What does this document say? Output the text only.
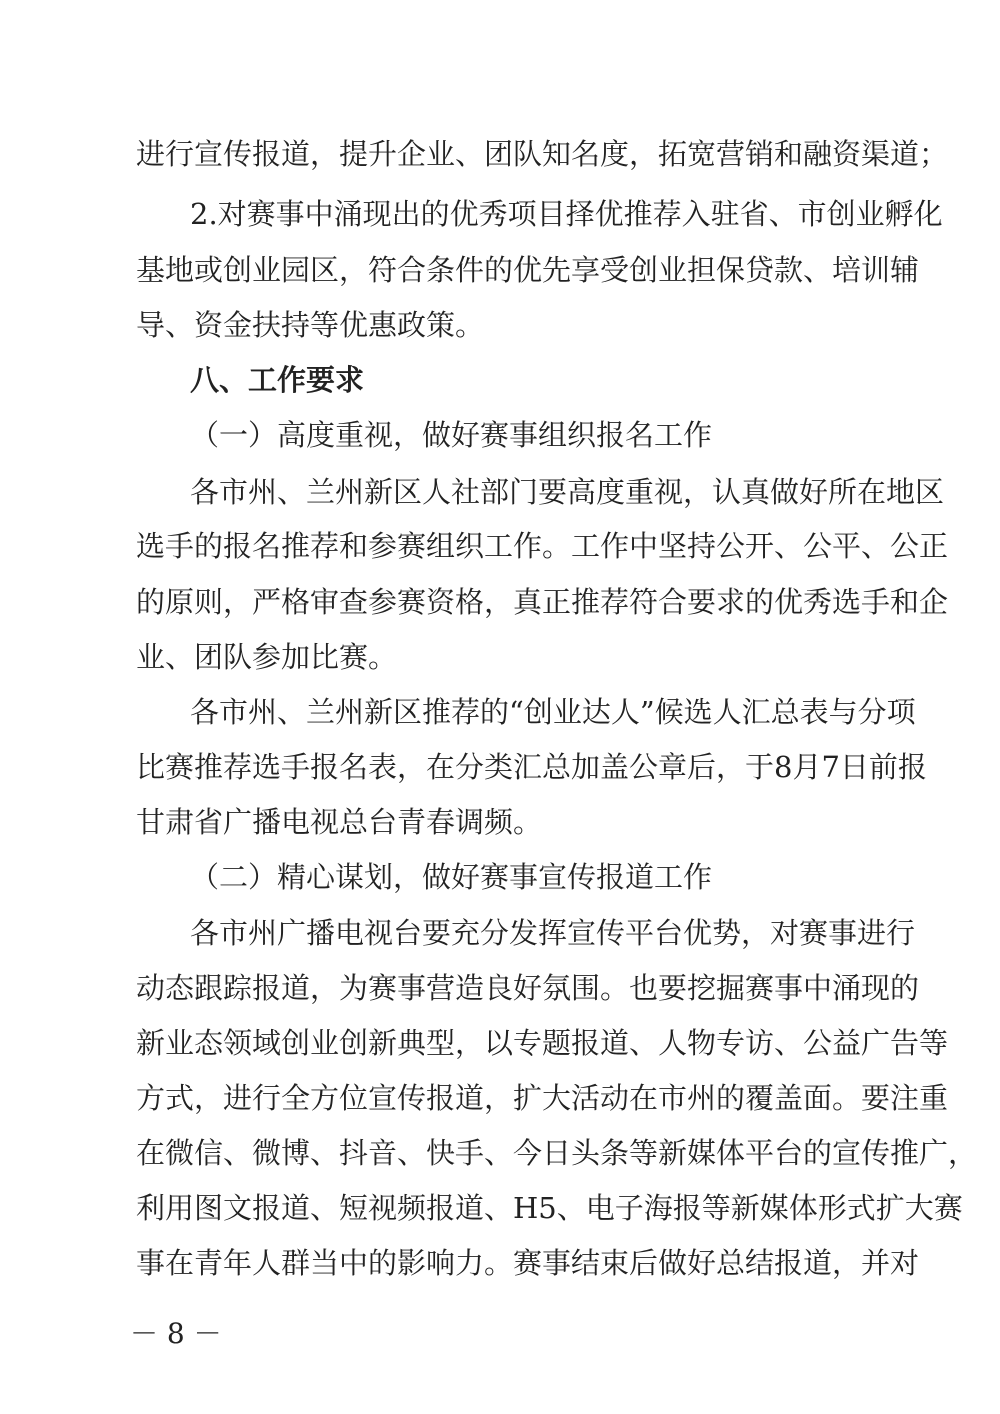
进行宣传报道，提升企业、团队知名度，拓宽营销和融资渠道；
2.对赛事中涌现出的优秀项目择优推荐入驻省、市创业孵化
基地或创业园区，符合条件的优先享受创业担保贷款、培训辅
导、资金扶持等优惠政策。
八、工作要求
（一）高度重视，做好赛事组织报名工作
各市州、兰州新区人社部门要高度重视，认真做好所在地区
选手的报名推荐和参赛组织工作。工作中坚持公开、公平、公正
的原则，严格审查参赛资格，真正推荐符合要求的优秀选手和企
业、团队参加比赛。
各市州、兰州新区推荐的“创业达人”候选人汇总表与分项
比赛推荐选手报名表，在分类汇总加盖公章后，于8月7日前报
甘肃省广播电视总台青春调频。
（二）精心谋划，做好赛事宣传报道工作
各市州广播电视台要充分发挥宣传平台优势，对赛事进行
动态跟踪报道，为赛事营造良好氛围。也要挖掘赛事中涌现的
新业态领域创业创新典型，以专题报道、人物专访、公益广告等
方式，进行全方位宣传报道，扩大活动在市州的覆盖面。要注重
在微信、微博、抖音、快手、今日头条等新媒体平台的宣传推广，
利用图文报道、短视频报道、H5、电子海报等新媒体形式扩大赛
事在青年人群当中的影响力。赛事结束后做好总结报道，并对
－ 8 －
